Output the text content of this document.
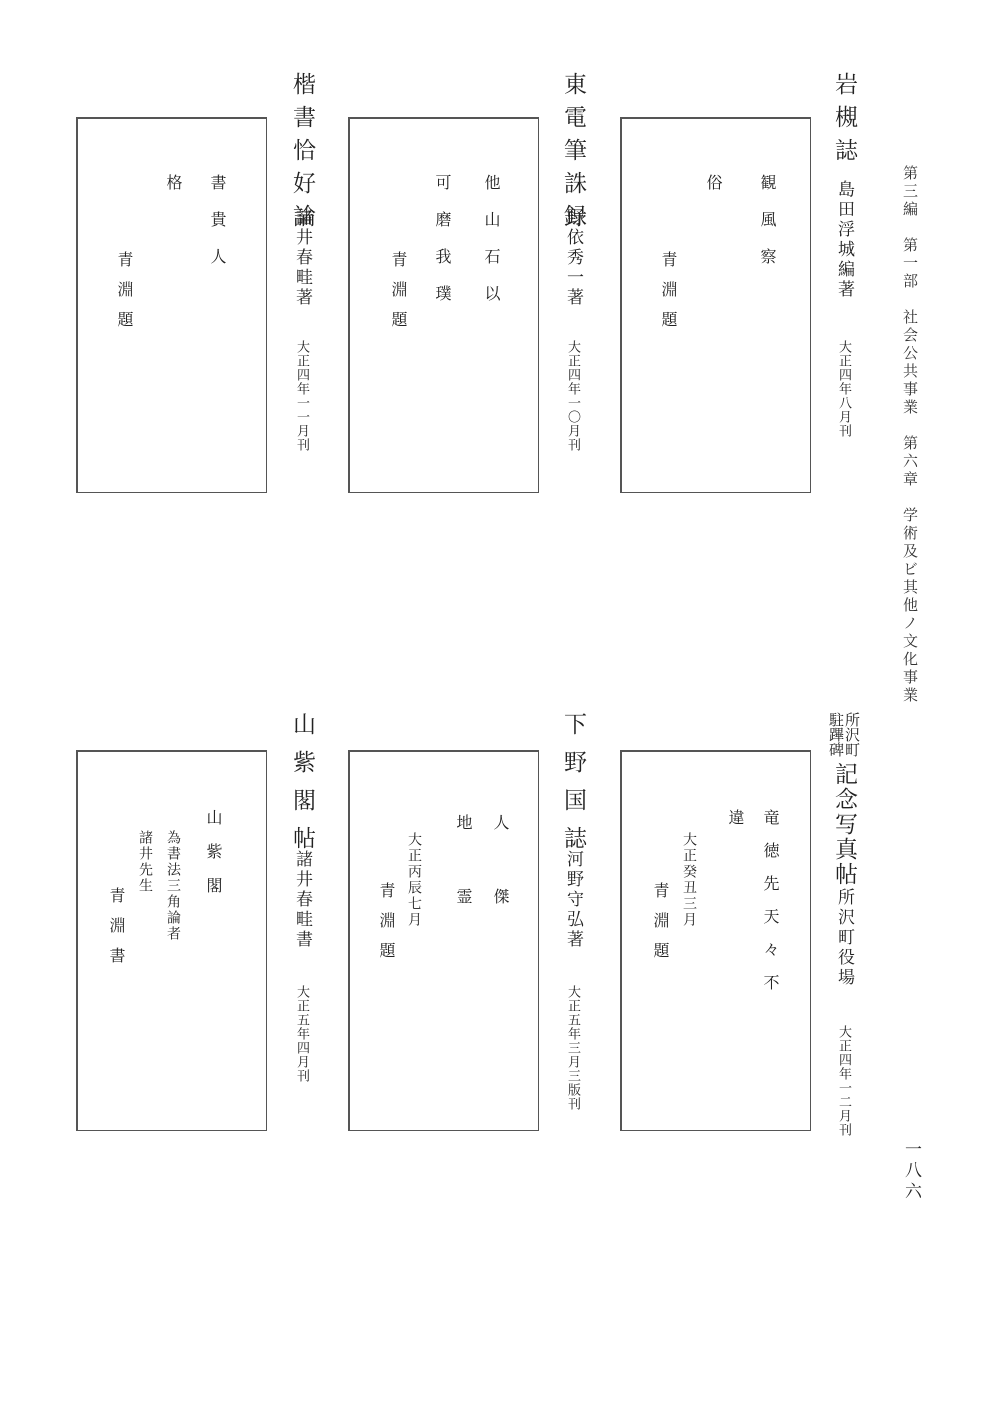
第三編　第一部　社会公共事業　第六章　学術及ビ其他ノ文化事業
一八六
岩槻誌
島田浮城編著
大正四年八月刊
観風察
俗
青淵題
東電筆誅録
野依秀一著
大正四年一〇月刊
他山石以
可磨我璞
青淵題
楷書恰好論
諸井春畦著
大正四年一一月刊
書貴人
格
青淵題
所沢町
駐蹕碑
記念写真帖
所沢町役場
大正四年一二月刊
竜徳先天々不
違
大正癸丑三月
青淵題
下野国誌
河野守弘著
大正五年三月三版刊
人傑
地霊
大正丙辰七月
青淵題
山紫閣帖
諸井春畦書
大正五年四月刊
山紫閣
為書法三角論者
諸井先生
青淵書
